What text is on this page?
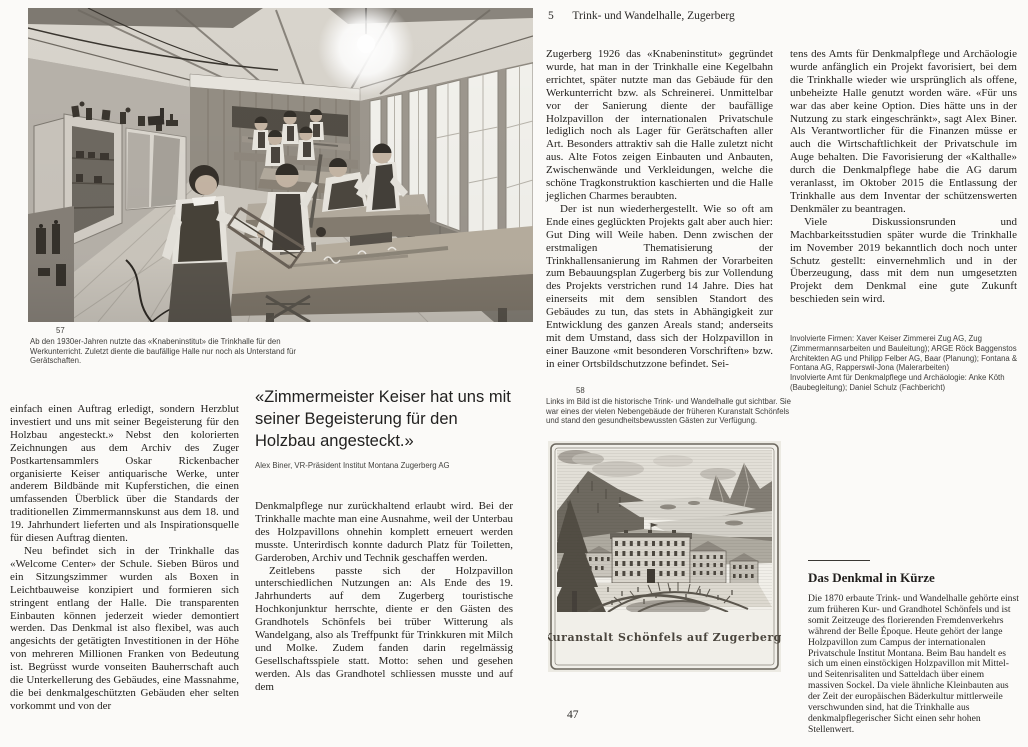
57
Ab den 1930er-Jahren nutzte das «Knabeninstitut» die Trinkhalle für den Werkunterricht. Zuletzt diente die baufällige Halle nur noch als Unterstand für Gerätschaften.

einfach einen Auftrag erledigt, sondern Herzblut investiert und uns mit seiner Begeisterung für den Holzbau angesteckt.» Nebst den kolorierten Zeichnungen aus dem Archiv des Zuger Postkartensammlers Oskar Rickenbacher organisierte Keiser antiquarische Werke, unter anderem Bildbände mit Kupferstichen, die einen umfassenden Überblick über die Standards der traditionellen Zimmermannskunst aus dem 18. und 19. Jahrhundert lieferten und als Inspirationsquelle für diesen Auftrag dienten.

Neu befindet sich in der Trinkhalle das «Welcome Center» der Schule. Sieben Büros und ein Sitzungszimmer wurden als Boxen in Leichtbauweise konzipiert und formieren sich stringent entlang der Halle. Die transparenten Einbauten können jederzeit wieder demontiert werden. Das Denkmal ist also flexibel, was auch angesichts der getätigten Investitionen in der Höhe von mehreren Millionen Franken von Bedeutung ist. Begrüsst wurde vonseiten Bauherrschaft auch die Unterkellerung des Gebäudes, eine Massnahme, die bei denkmalgeschützten Gebäuden eher selten vorkommt und von der

«Zimmermeister Keiser hat uns mit seiner Begeisterung für den Holzbau angesteckt.»
Alex Biner, VR-Präsident Institut Montana Zugerberg AG

Denkmalpflege nur zurückhaltend erlaubt wird. Bei der Trinkhalle machte man eine Ausnahme, weil der Unterbau des Holzpavillons ohnehin komplett erneuert werden musste. Unterirdisch konnte dadurch Platz für Toiletten, Garderoben, Archiv und Technik geschaffen werden.

Zeitlebens passte sich der Holzpavillon unterschiedlichen Nutzungen an: Als Ende des 19. Jahrhunderts auf dem Zugerberg touristische Hochkonjunktur herrschte, diente er den Gästen des Grandhotels Schönfels bei trüber Witterung als Wandelgang, also als Treffpunkt für Trinkkuren mit Milch und Molke. Zudem fanden darin regelmässig Gesellschaftsspiele statt. Motto: sehen und gesehen werden. Als das Grandhotel schliessen musste und auf dem

5 Trink- und Wandelhalle, Zugerberg

Zugerberg 1926 das «Knabeninstitut» gegründet wurde, hat man in der Trinkhalle eine Kegelbahn errichtet, später nutzte man das Gebäude für den Werkunterricht bzw. als Schreinerei. Unmittelbar vor der Sanierung diente der baufällige Holzpavillon der internationalen Privatschule lediglich noch als Lager für Gerätschaften aller Art. Besonders attraktiv sah die Halle zuletzt nicht aus. Alte Fotos zeigen Einbauten und Anbauten, Zwischenwände und Verkleidungen, welche die schöne Tragkonstruktion kaschierten und die Halle jeglichen Charmes beraubten.

Der ist nun wiederhergestellt. Wie so oft am Ende eines geglückten Projekts galt aber auch hier: Gut Ding will Weile haben. Denn zwischen der erstmaligen Thematisierung der Trinkhallensanierung im Rahmen der Vorarbeiten zum Bebauungsplan Zugerberg bis zur Vollendung des Projekts verstrichen rund 14 Jahre. Dies hat einerseits mit dem sensiblen Standort des Gebäudes zu tun, das stets in Abhängigkeit zur Entwicklung des ganzen Areals stand; anderseits mit dem Umstand, dass sich der Holzpavillon in einer Bauzone «mit besonderen Vorschriften» bzw. in einer Ortsbildschutzzone befindet. Sei-

58
Links im Bild ist die historische Trink- und Wandelhalle gut sichtbar. Sie war eines der vielen Nebengebäude der früheren Kuranstalt Schönfels und stand den gesundheitsbewussten Gästen zur Verfügung.
Kuranstalt Schönfels auf Zugerberg.

tens des Amts für Denkmalpflege und Archäologie wurde anfänglich ein Projekt favorisiert, bei dem die Trinkhalle wieder wie ursprünglich als offene, unbeheizte Halle genutzt worden wäre. «Für uns war das aber keine Option. Dies hätte uns in der Nutzung zu stark eingeschränkt», sagt Alex Biner. Als Verantwortlicher für die Finanzen müsse er auch die Wirtschaftlichkeit der Privatschule im Auge behalten. Die Favorisierung der «Kalthalle» durch die Denkmalpflege habe die AG darum veranlasst, im Oktober 2015 die Entlassung der Trinkhalle aus dem Inventar der schützenswerten Denkmäler zu beantragen.

Viele Diskussionsrunden und Machbarkeitsstudien später wurde die Trinkhalle im November 2019 bekanntlich doch noch unter Schutz gestellt: einvernehmlich und in der Überzeugung, dass mit dem nun umgesetzten Projekt dem Denkmal eine gute Zukunft beschieden sein wird.

Involvierte Firmen: Xaver Keiser Zimmerei Zug AG, Zug (Zimmermannsarbeiten und Bauleitung); ARGE Röck Baggenstos Architekten AG und Philipp Felber AG, Baar (Planung); Fontana & Fontana AG, Rapperswil-Jona (Malerarbeiten)

Involvierte Amt für Denkmalpflege und Archäologie: Anke Köth (Baubegleitung); Daniel Schulz (Fachbericht)

Das Denkmal in Kürze

Die 1870 erbaute Trink- und Wandelhalle gehörte einst zum früheren Kur- und Grandhotel Schönfels und ist somit Zeitzeuge des florierenden Fremdenverkehrs während der Belle Époque. Heute gehört der lange Holzpavillon zum Campus der internationalen Privatschule Institut Montana. Beim Bau handelt es sich um einen einstöckigen Holzpavillon mit Mittel- und Seitenrisaliten und Satteldach über einem massiven Sockel. Da viele ähnliche Kleinbauten aus der Zeit der europäischen Bäderkultur mittlerweile verschwunden sind, hat die Trinkhalle aus denkmalpflegerischer Sicht einen sehr hohen Stellenwert.

47
